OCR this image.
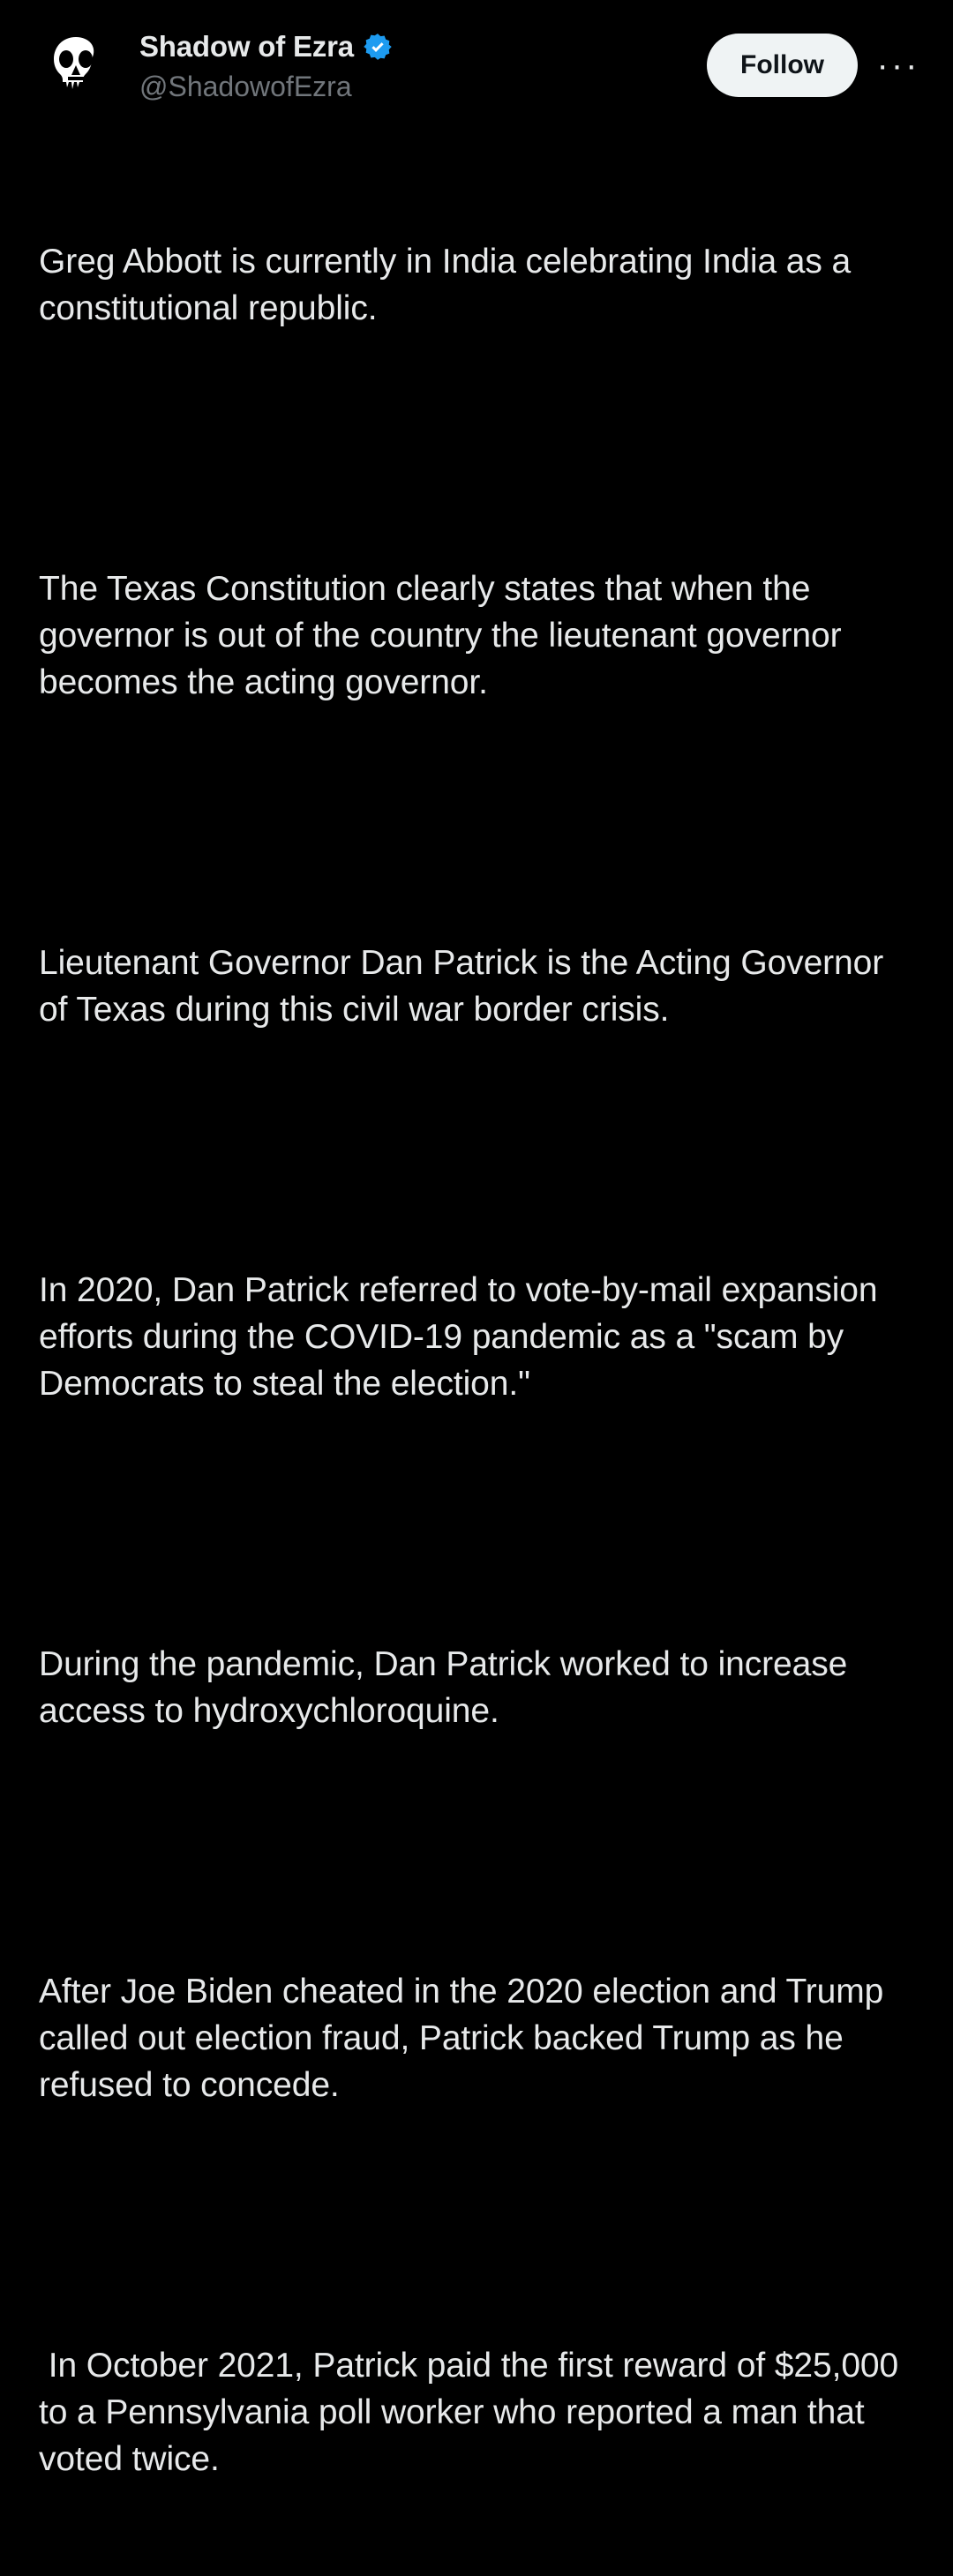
Shadow of Ezra
@ShadowofEzra
Follow	···

Greg Abbott is currently in India celebrating India as a constitutional republic.

The Texas Constitution clearly states that when the governor is out of the country the lieutenant governor becomes the acting governor.

Lieutenant Governor Dan Patrick is the Acting Governor of Texas during this civil war border crisis.

In 2020, Dan Patrick referred to vote-by-mail expansion efforts during the COVID-19 pandemic as a "scam by Democrats to steal the election."

During the pandemic, Dan Patrick worked to increase access to hydroxychloroquine.

After Joe Biden cheated in the 2020 election and Trump called out election fraud, Patrick backed Trump as he refused to concede.

In October 2021, Patrick paid the first reward of $25,000 to a Pennsylvania poll worker who reported a man that voted twice.
